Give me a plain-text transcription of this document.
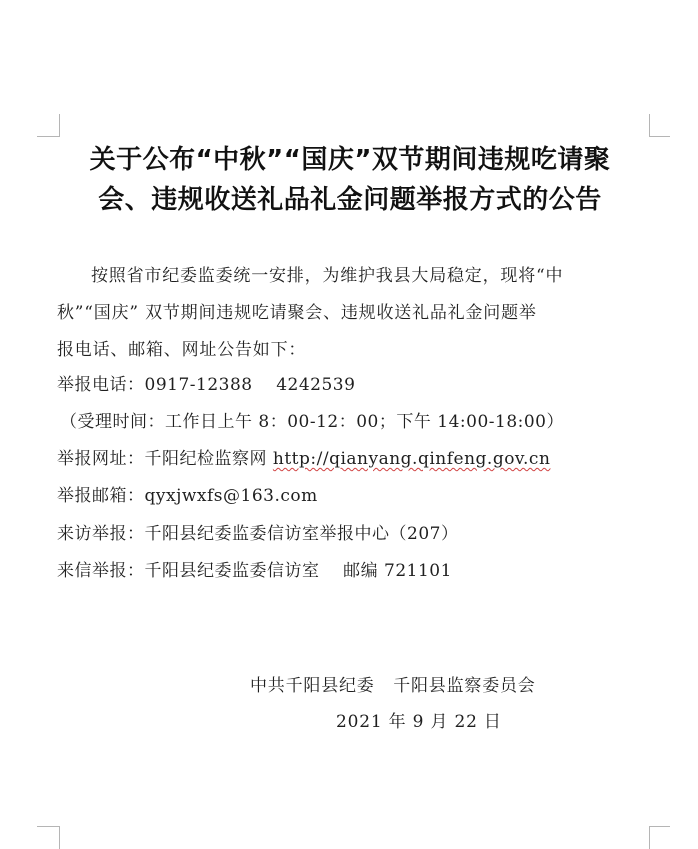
关于公布“中秋”“国庆”双节期间违规吃请聚
会、违规收送礼品礼金问题举报方式的公告
按照省市纪委监委统一安排，为维护我县大局稳定，现将“中
秋”“国庆” 双节期间违规吃请聚会、违规收送礼品礼金问题举
报电话、邮箱、网址公告如下：
举报电话：0917-12388    4242539
（受理时间：工作日上午 8：00-12：00；下午 14:00-18:00）
举报网址：千阳纪检监察网 http://qianyang.qinfeng.gov.cn
举报邮箱：qyxjwxfs@163.com
来访举报：千阳县纪委监委信访室举报中心（207）
来信举报：千阳县纪委监委信访室    邮编 721101
中共千阳县纪委   千阳县监察委员会
2021 年 9 月 22 日
